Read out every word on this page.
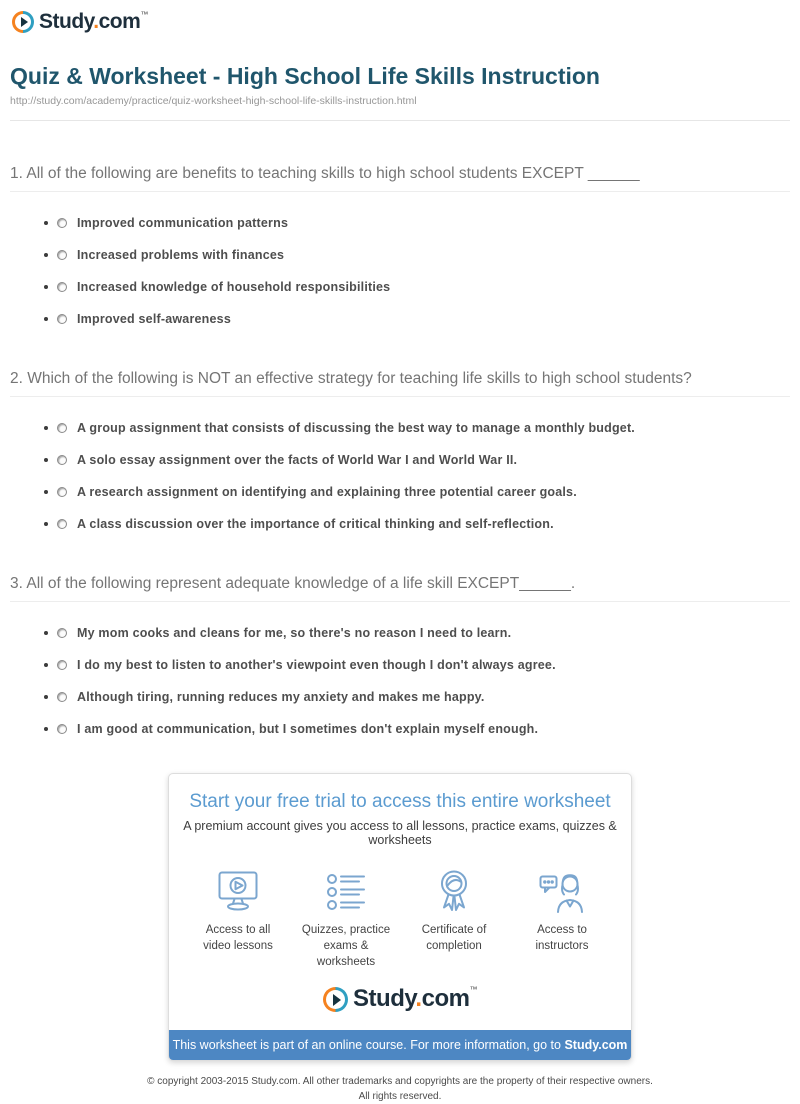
Study.com™
Quiz & Worksheet - High School Life Skills Instruction
http://study.com/academy/practice/quiz-worksheet-high-school-life-skills-instruction.html
1. All of the following are benefits to teaching skills to high school students EXCEPT ______
Improved communication patterns
Increased problems with finances
Increased knowledge of household responsibilities
Improved self-awareness
2. Which of the following is NOT an effective strategy for teaching life skills to high school students?
A group assignment that consists of discussing the best way to manage a monthly budget.
A solo essay assignment over the facts of World War I and World War II.
A research assignment on identifying and explaining three potential career goals.
A class discussion over the importance of critical thinking and self-reflection.
3. All of the following represent adequate knowledge of a life skill EXCEPT______.
My mom cooks and cleans for me, so there's no reason I need to learn.
I do my best to listen to another's viewpoint even though I don't always agree.
Although tiring, running reduces my anxiety and makes me happy.
I am good at communication, but I sometimes don't explain myself enough.
Start your free trial to access this entire worksheet
A premium account gives you access to all lessons, practice exams, quizzes & worksheets
Access to all
video lessons
Quizzes, practice
exams & worksheets
Certificate of
completion
Access to
instructors
Study.com™
This worksheet is part of an online course. For more information, go to Study.com
© copyright 2003-2015 Study.com. All other trademarks and copyrights are the property of their respective owners.
All rights reserved.
